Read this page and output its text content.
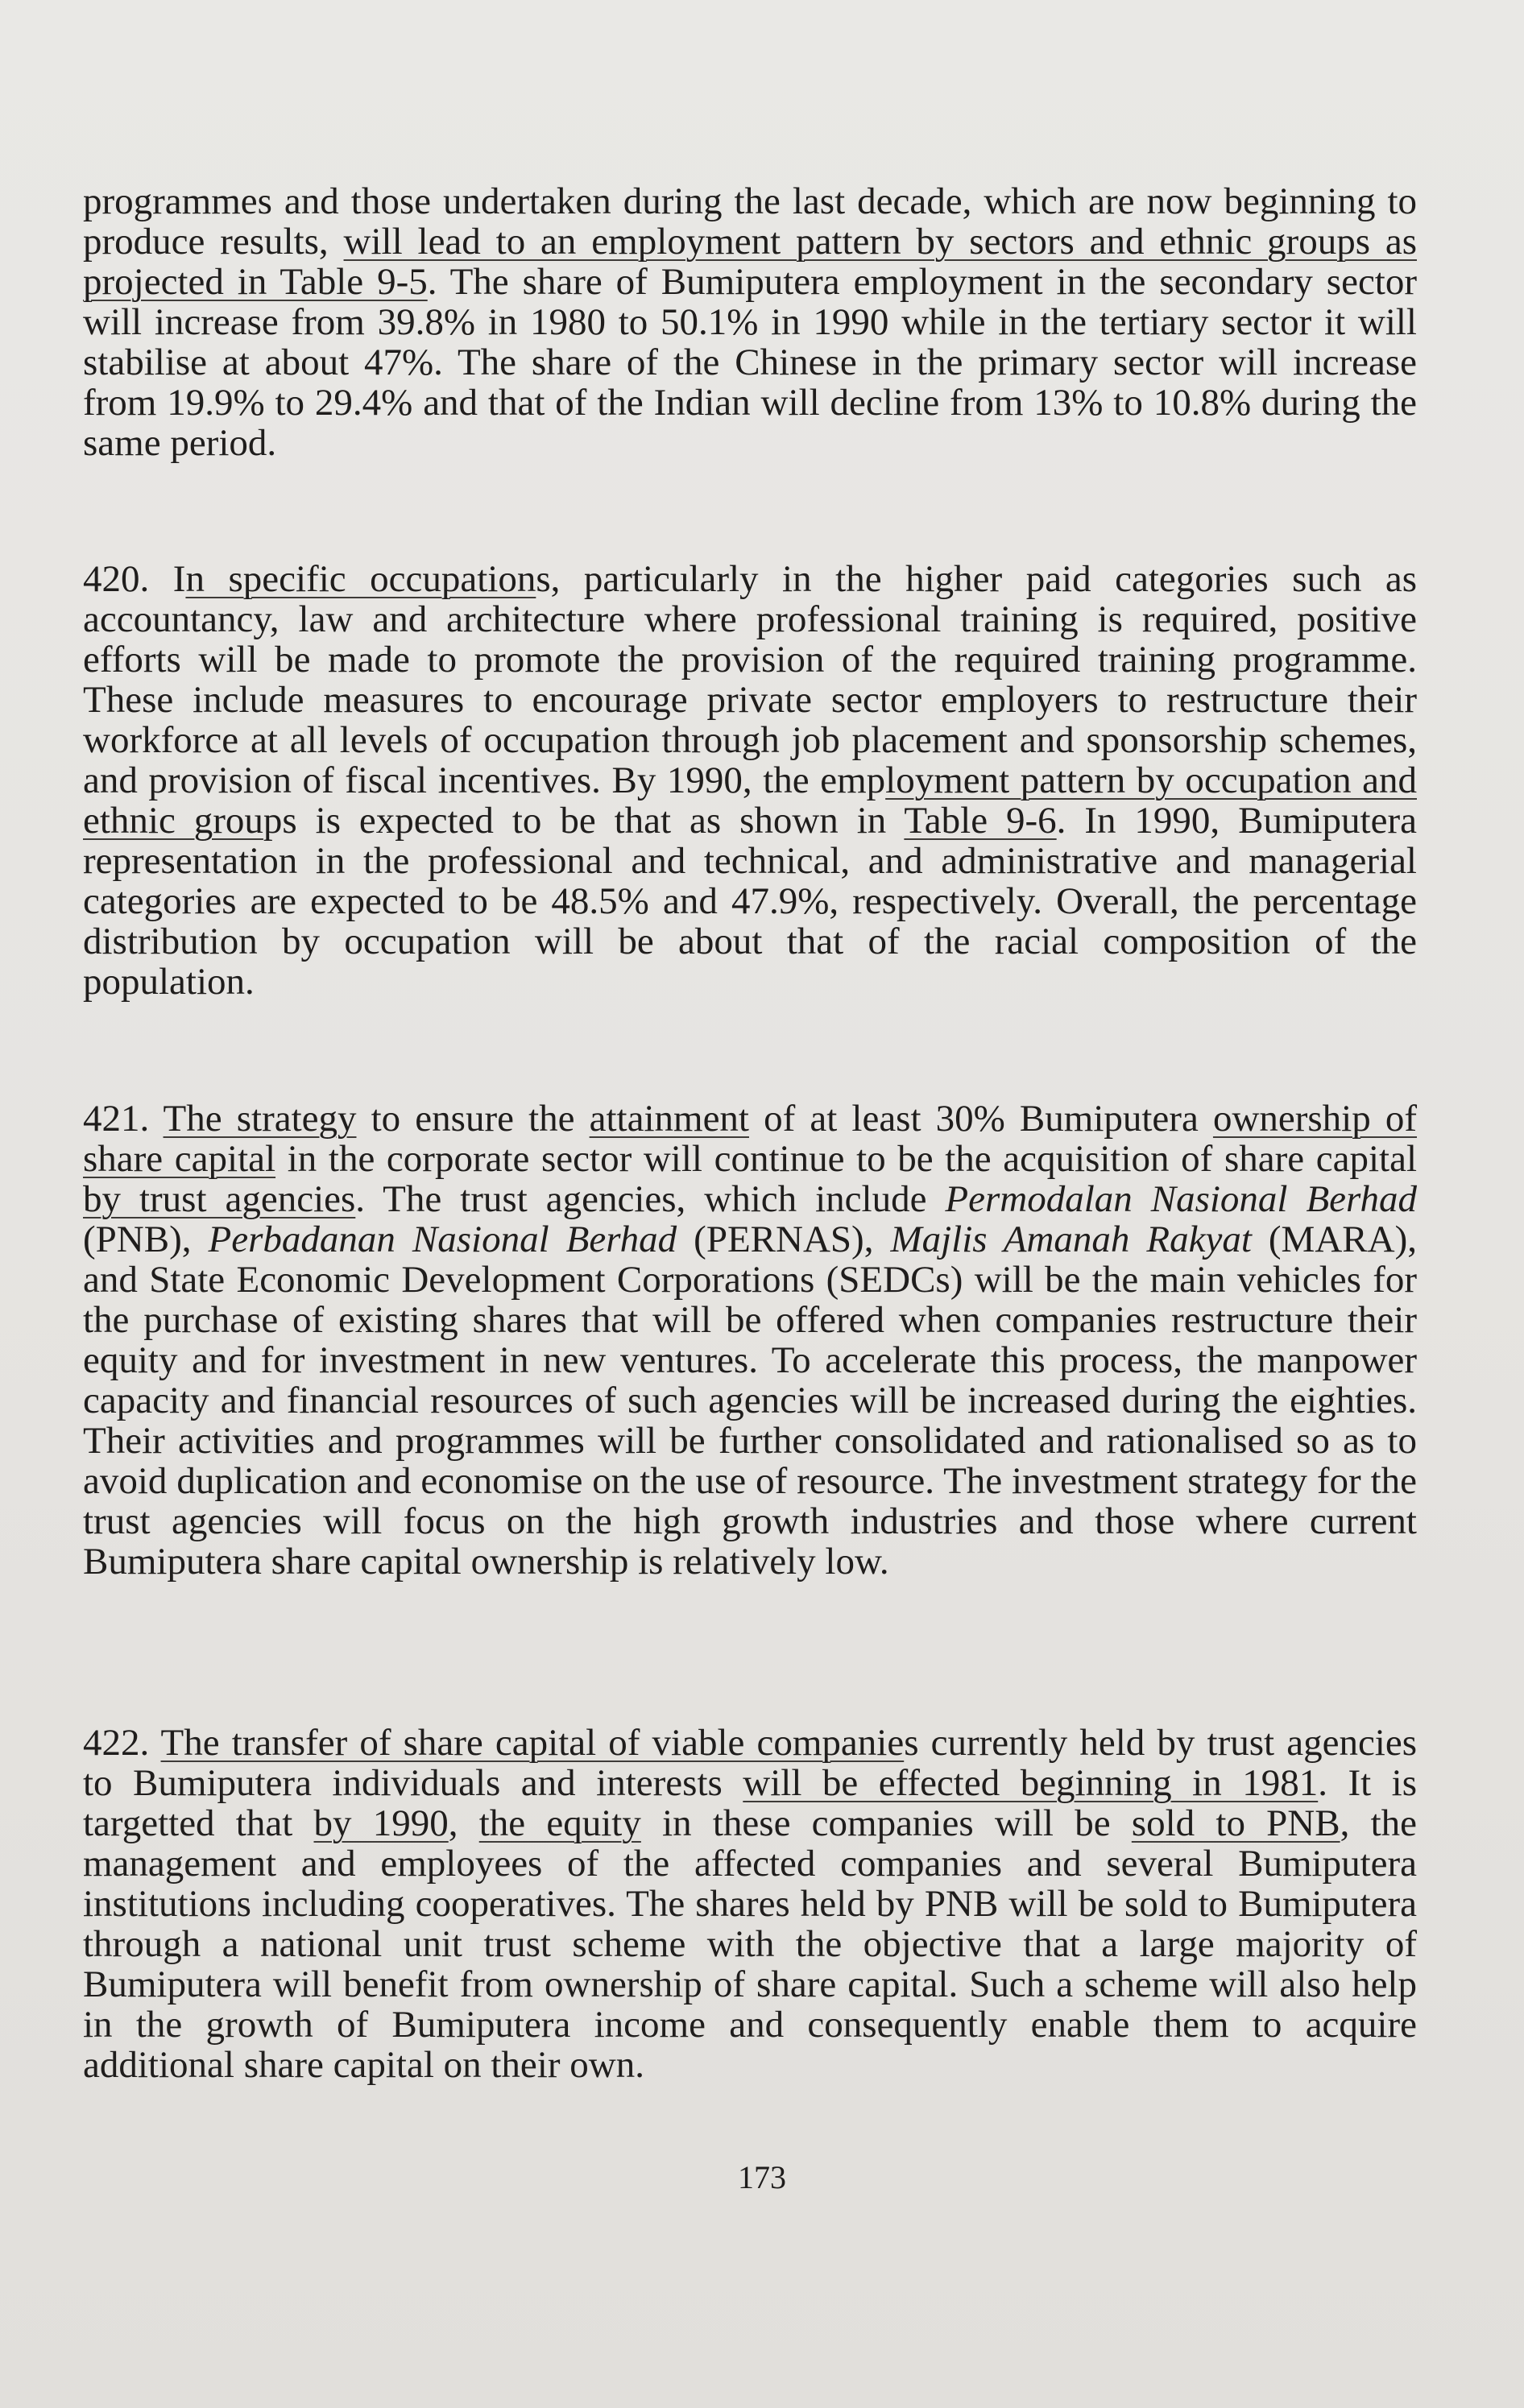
programmes and those undertaken during the last decade, which are now beginning to produce results, will lead to an employment pattern by sectors and ethnic groups as projected in Table 9-5. The share of Bumiputera employment in the secondary sector will increase from 39.8% in 1980 to 50.1% in 1990 while in the tertiary sector it will stabilise at about 47%. The share of the Chinese in the primary sector will increase from 19.9% to 29.4% and that of the Indian will decline from 13% to 10.8% during the same period.

420. In specific occupations, particularly in the higher paid categories such as accountancy, law and architecture where professional training is required, positive efforts will be made to promote the provision of the required training programme. These include measures to encourage private sector employers to restructure their workforce at all levels of occupation through job placement and sponsorship schemes, and provision of fiscal incentives. By 1990, the employment pattern by occupation and ethnic groups is expected to be that as shown in Table 9-6. In 1990, Bumiputera representation in the professional and technical, and administrative and managerial categories are expected to be 48.5% and 47.9%, respectively. Overall, the percentage distribution by occupation will be about that of the racial composition of the population.

421. The strategy to ensure the attainment of at least 30% Bumiputera ownership of share capital in the corporate sector will continue to be the acquisition of share capital by trust agencies. The trust agencies, which include Permodalan Nasional Berhad (PNB), Perbadanan Nasional Berhad (PERNAS), Majlis Amanah Rakyat (MARA), and State Economic Development Corporations (SEDCs) will be the main vehicles for the purchase of existing shares that will be offered when companies restructure their equity and for investment in new ventures. To accelerate this process, the manpower capacity and financial resources of such agencies will be increased during the eighties. Their activities and programmes will be further consolidated and rationalised so as to avoid duplication and economise on the use of resource. The investment strategy for the trust agencies will focus on the high growth industries and those where current Bumiputera share capital ownership is relatively low.

422. The transfer of share capital of viable companies currently held by trust agencies to Bumiputera individuals and interests will be effected beginning in 1981. It is targetted that by 1990, the equity in these companies will be sold to PNB, the management and employees of the affected companies and several Bumiputera institutions including cooperatives. The shares held by PNB will be sold to Bumiputera through a national unit trust scheme with the objective that a large majority of Bumiputera will benefit from ownership of share capital. Such a scheme will also help in the growth of Bumiputera income and consequently enable them to acquire additional share capital on their own.

173
